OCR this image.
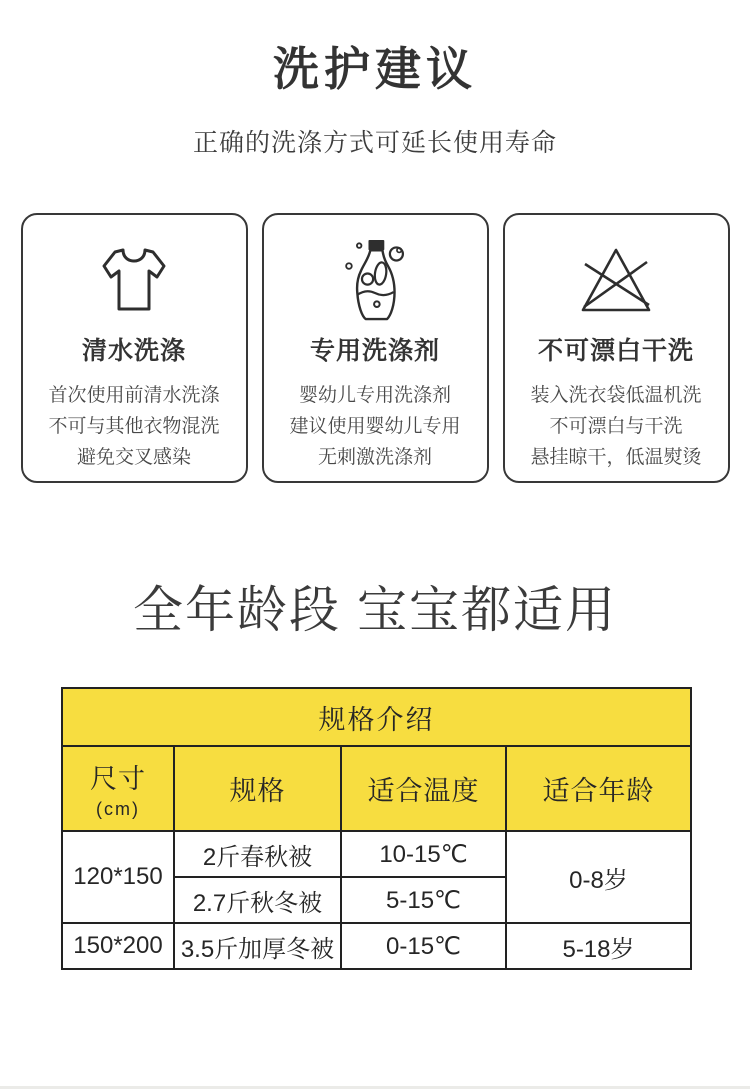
洗护建议
正确的洗涤方式可延长使用寿命
清水洗涤
首次使用前清水洗涤
不可与其他衣物混洗
避免交叉感染
专用洗涤剂
婴幼儿专用洗涤剂
建议使用婴幼儿专用
无刺激洗涤剂
不可漂白干洗
装入洗衣袋低温机洗
不可漂白与干洗
悬挂晾干，低温熨烫
全年龄段 宝宝都适用
规格介绍			
尺寸
(cm)	规格	适合温度	适合年龄
120*150	2斤春秋被	10-15℃	0-8岁
	2.7斤秋冬被	5-15℃	
150*200	3.5斤加厚冬被	0-15℃	5-18岁
